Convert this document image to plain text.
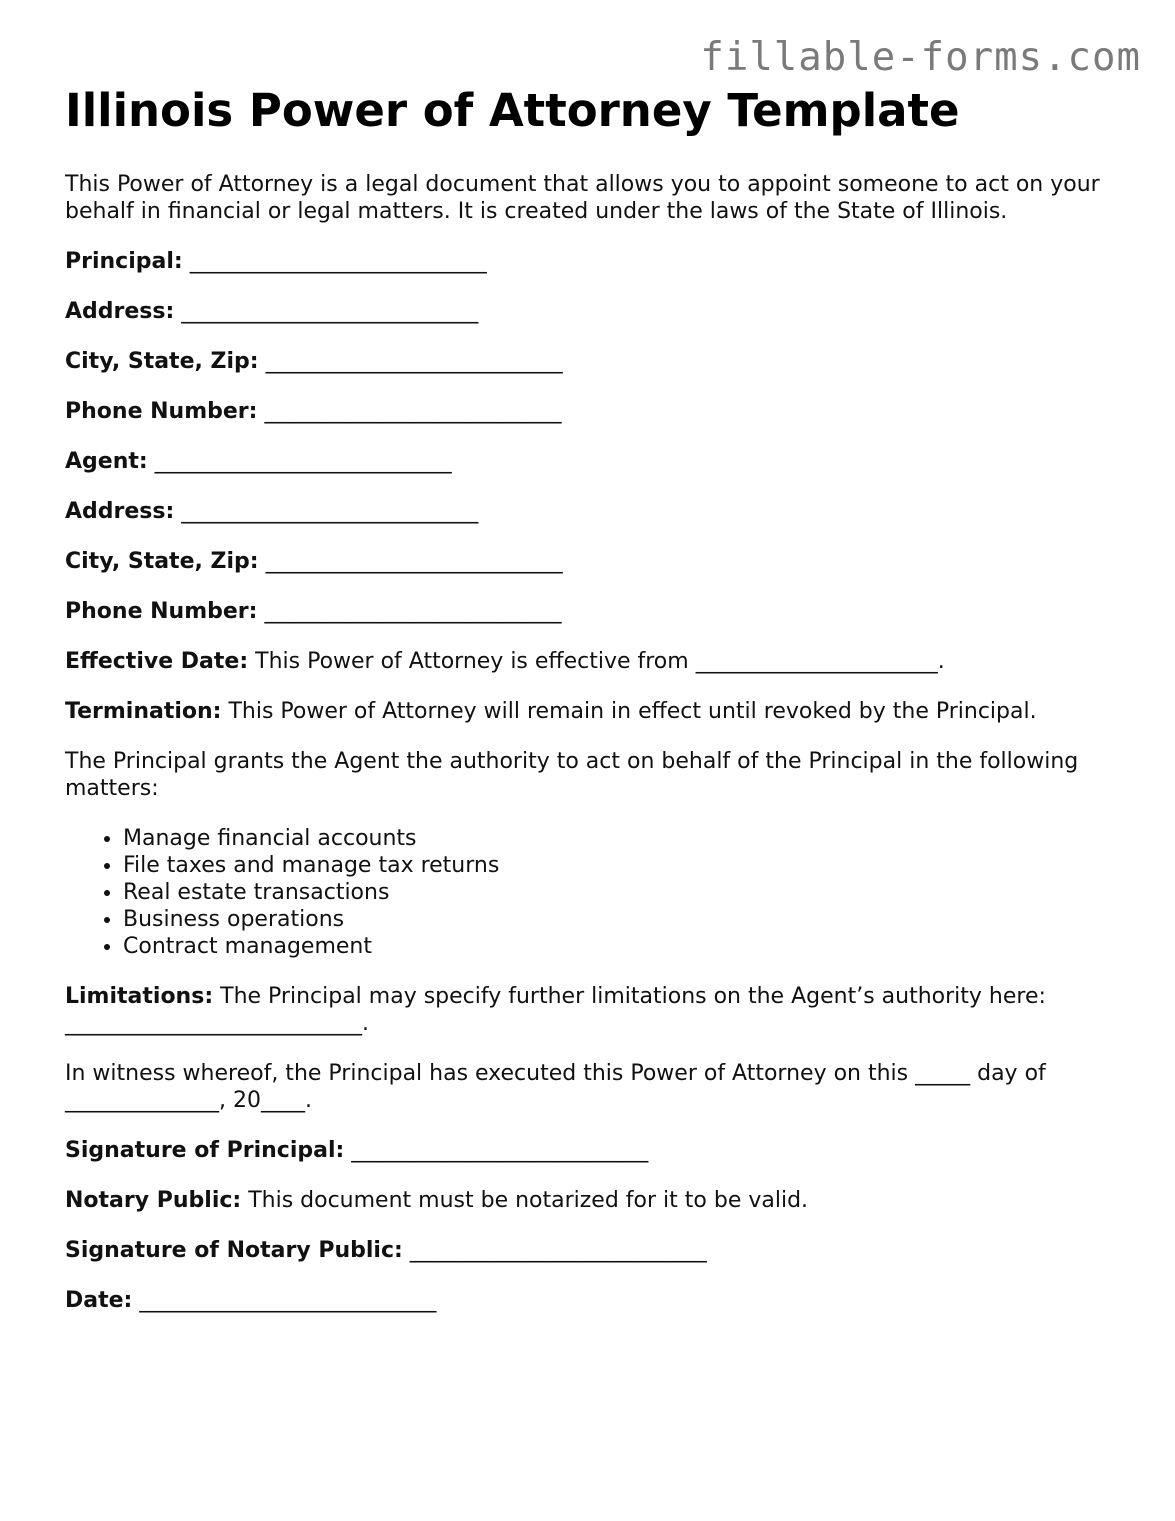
fillable-forms.com
Illinois Power of Attorney Template

This Power of Attorney is a legal document that allows you to appoint someone to act on your behalf in financial or legal matters. It is created under the laws of the State of Illinois.

Principal: ___________________________

Address: ___________________________

City, State, Zip: ___________________________

Phone Number: ___________________________

Agent: ___________________________

Address: ___________________________

City, State, Zip: ___________________________

Phone Number: ___________________________

Effective Date: This Power of Attorney is effective from ______________________.

Termination: This Power of Attorney will remain in effect until revoked by the Principal.

The Principal grants the Agent the authority to act on behalf of the Principal in the following matters:

• Manage financial accounts
• File taxes and manage tax returns
• Real estate transactions
• Business operations
• Contract management

Limitations: The Principal may specify further limitations on the Agent’s authority here: ___________________________.

In witness whereof, the Principal has executed this Power of Attorney on this _____ day of ______________, 20____.

Signature of Principal: ___________________________

Notary Public: This document must be notarized for it to be valid.

Signature of Notary Public: ___________________________

Date: ___________________________
